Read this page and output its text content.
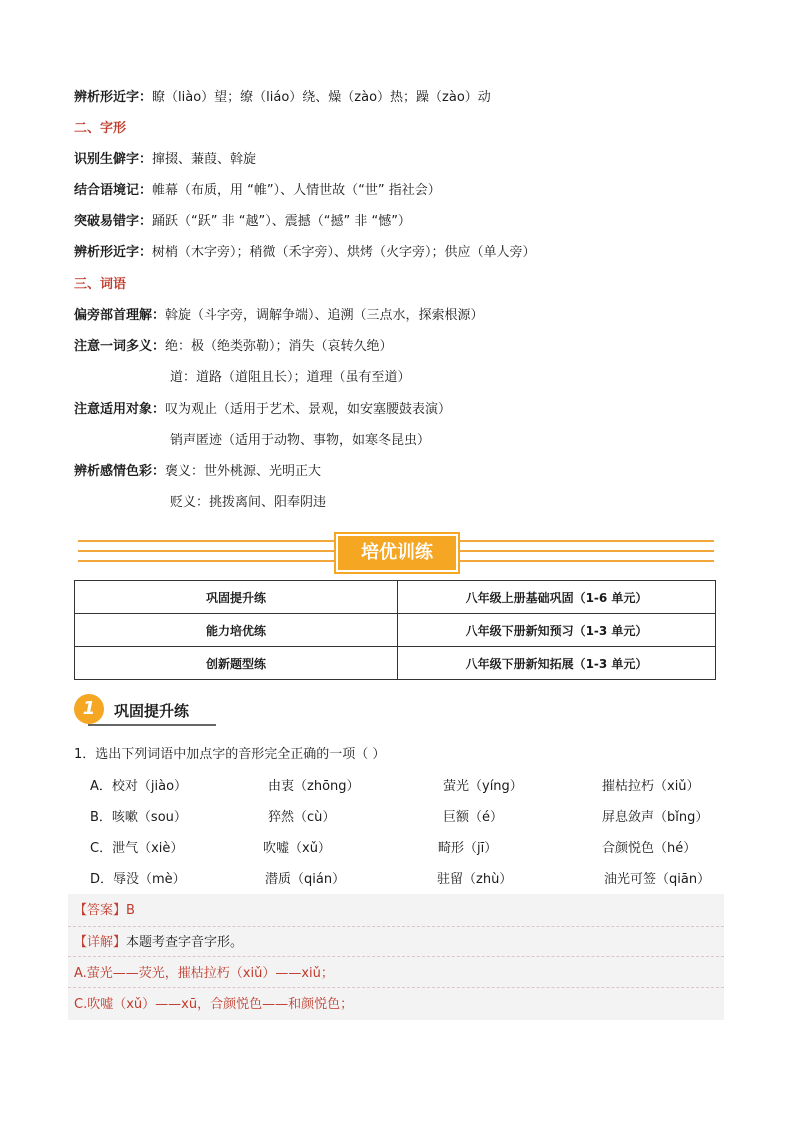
辨析形近字：瞭（liào）望；缭（liáo）绕、燥（zào）热；躁（zào）动
二、字形
识别生僻字：撺掇、蒹葭、斡旋
结合语境记：帷幕（布质，用 “帷”）、人情世故（“世” 指社会）
突破易错字：踊跃（“跃” 非 “越”）、震撼（“撼” 非 “憾”）
辨析形近字：树梢（木字旁）；稍微（禾字旁）、烘烤（火字旁）；供应（单人旁）
三、词语
偏旁部首理解：斡旋（斗字旁，调解争端）、追溯（三点水，探索根源）
注意一词多义：绝：极（绝类弥勒）；消失（哀转久绝）
道：道路（道阻且长）；道理（虽有至道）
注意适用对象：叹为观止（适用于艺术、景观，如安塞腰鼓表演）
销声匿迹（适用于动物、事物，如寒冬昆虫）
辨析感情色彩：褒义：世外桃源、光明正大
贬义：挑拨离间、阳奉阴违
培优训练
巩固提升练	八年级上册基础巩固（1-6 单元）
能力培优练	八年级下册新知预习（1-3 单元）
创新题型练	八年级下册新知拓展（1-3 单元）
1	巩固提升练
1．选出下列词语中加点字的音形完全正确的一项（ ）
A．校对（jiào）	由衷（zhōng）	萤光（yíng）	摧枯拉朽（xiǔ）
B．咳嗽（sou）	猝然（cù）	巨额（é）	屏息敛声（bǐng）
C．泄气（xiè）	吹嘘（xǔ）	畸形（jī）	合颜悦色（hé）
D．辱没（mè）	潜质（qián）	驻留（zhù）	油光可签（qiān）
【答案】B
【详解】本题考查字音字形。
A.萤光——荧光，摧枯拉朽（xiǔ）——xiǔ；
C.吹嘘（xǔ）——xū，合颜悦色——和颜悦色；
